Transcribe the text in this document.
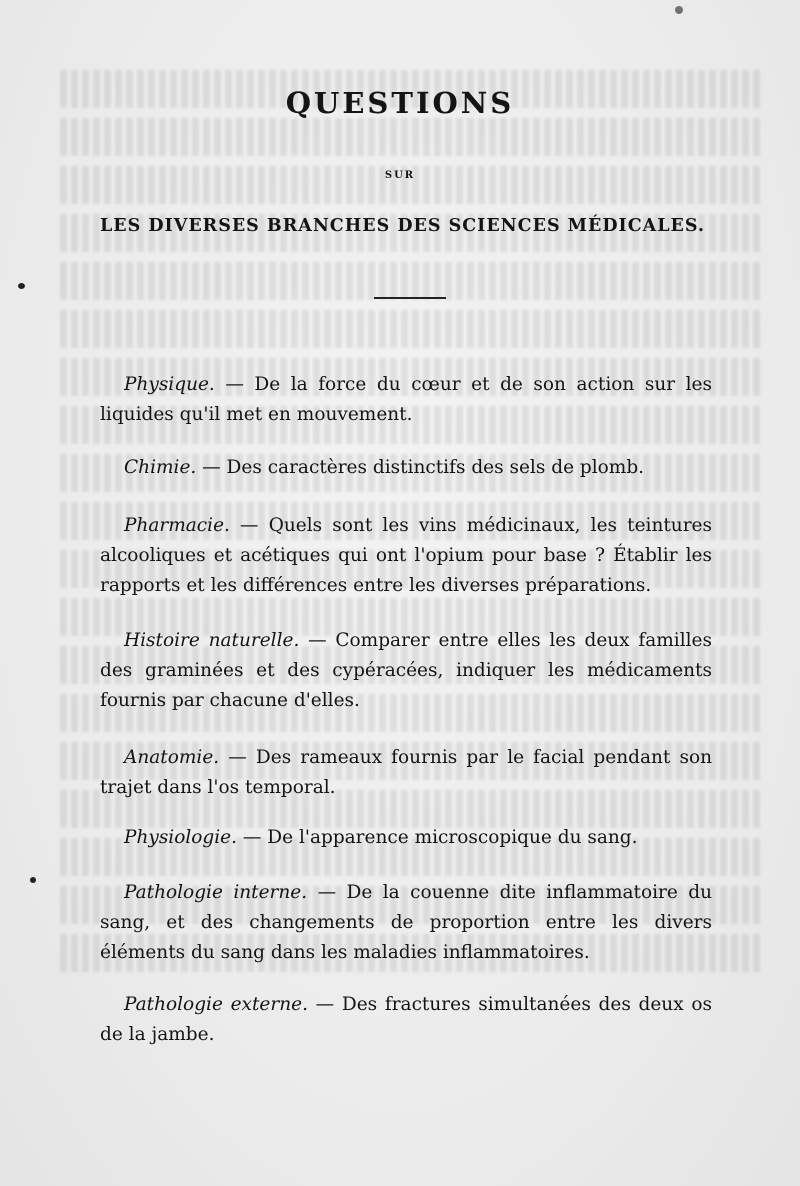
QUESTIONS
SUR
LES DIVERSES BRANCHES DES SCIENCES MÉDICALES.
Physique. — De la force du cœur et de son action sur les liquides qu'il met en mouvement.
Chimie. — Des caractères distinctifs des sels de plomb.
Pharmacie. — Quels sont les vins médicinaux, les teintures alcooliques et acétiques qui ont l'opium pour base ? Établir les rapports et les différences entre les diverses préparations.
Histoire naturelle. — Comparer entre elles les deux familles des graminées et des cypéracées, indiquer les médicaments fournis par chacune d'elles.
Anatomie. — Des rameaux fournis par le facial pendant son trajet dans l'os temporal.
Physiologie. — De l'apparence microscopique du sang.
Pathologie interne. — De la couenne dite inflammatoire du sang, et des changements de proportion entre les divers éléments du sang dans les maladies inflammatoires.
Pathologie externe. — Des fractures simultanées des deux os de la jambe.
